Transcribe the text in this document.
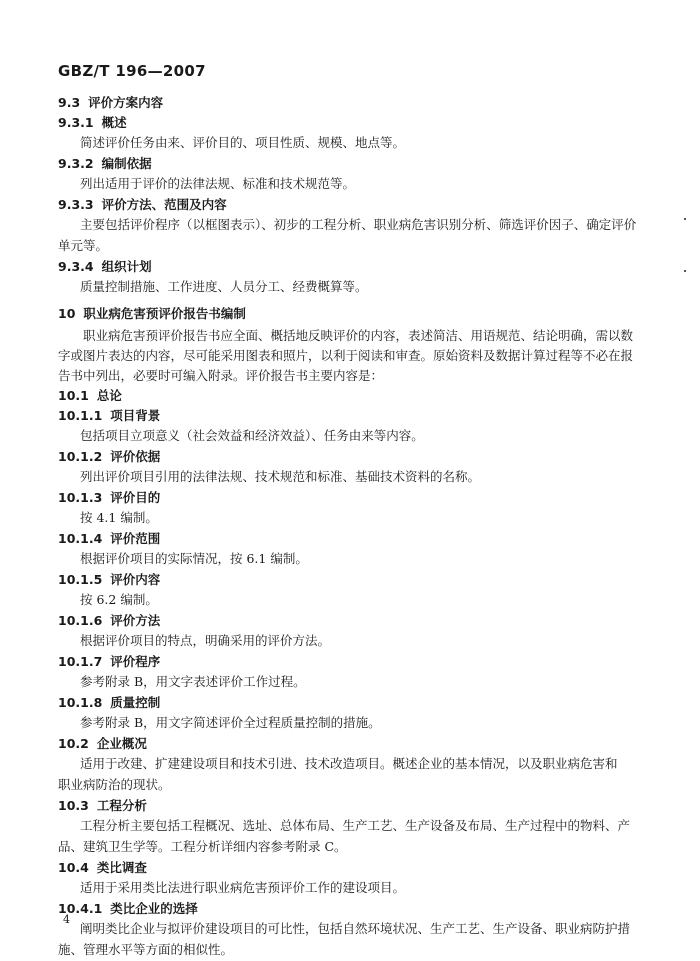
GBZ/T 196—2007
9.3 评价方案内容
9.3.1 概述
简述评价任务由来、评价目的、项目性质、规模、地点等。
9.3.2 编制依据
列出适用于评价的法律法规、标准和技术规范等。
9.3.3 评价方法、范围及内容
主要包括评价程序（以框图表示）、初步的工程分析、职业病危害识别分析、筛选评价因子、确定评价
单元等。
9.3.4 组织计划
质量控制措施、工作进度、人员分工、经费概算等。
10 职业病危害预评价报告书编制

职业病危害预评价报告书应全面、概括地反映评价的内容，表述简洁、用语规范、结论明确，需以数字或图片表达的内容，尽可能采用图表和照片，以利于阅读和审查。原始资料及数据计算过程等不必在报告书中列出，必要时可编入附录。评价报告书主要内容是：

10.1 总论
10.1.1 项目背景
包括项目立项意义（社会效益和经济效益）、任务由来等内容。
10.1.2 评价依据
列出评价项目引用的法律法规、技术规范和标准、基础技术资料的名称。
10.1.3 评价目的
按 4.1 编制。
10.1.4 评价范围
根据评价项目的实际情况，按 6.1 编制。
10.1.5 评价内容
按 6.2 编制。
10.1.6 评价方法
根据评价项目的特点，明确采用的评价方法。
10.1.7 评价程序
参考附录 B，用文字表述评价工作过程。
10.1.8 质量控制
参考附录 B，用文字简述评价全过程质量控制的措施。
10.2 企业概况
适用于改建、扩建建设项目和技术引进、技术改造项目。概述企业的基本情况，以及职业病危害和
职业病防治的现状。
10.3 工程分析
工程分析主要包括工程概况、选址、总体布局、生产工艺、生产设备及布局、生产过程中的物料、产
品、建筑卫生学等。工程分析详细内容参考附录 C。
10.4 类比调查
适用于采用类比法进行职业病危害预评价工作的建设项目。
10.4.1 类比企业的选择
阐明类比企业与拟评价建设项目的可比性，包括自然环境状况、生产工艺、生产设备、职业病防护措
施、管理水平等方面的相似性。
4
